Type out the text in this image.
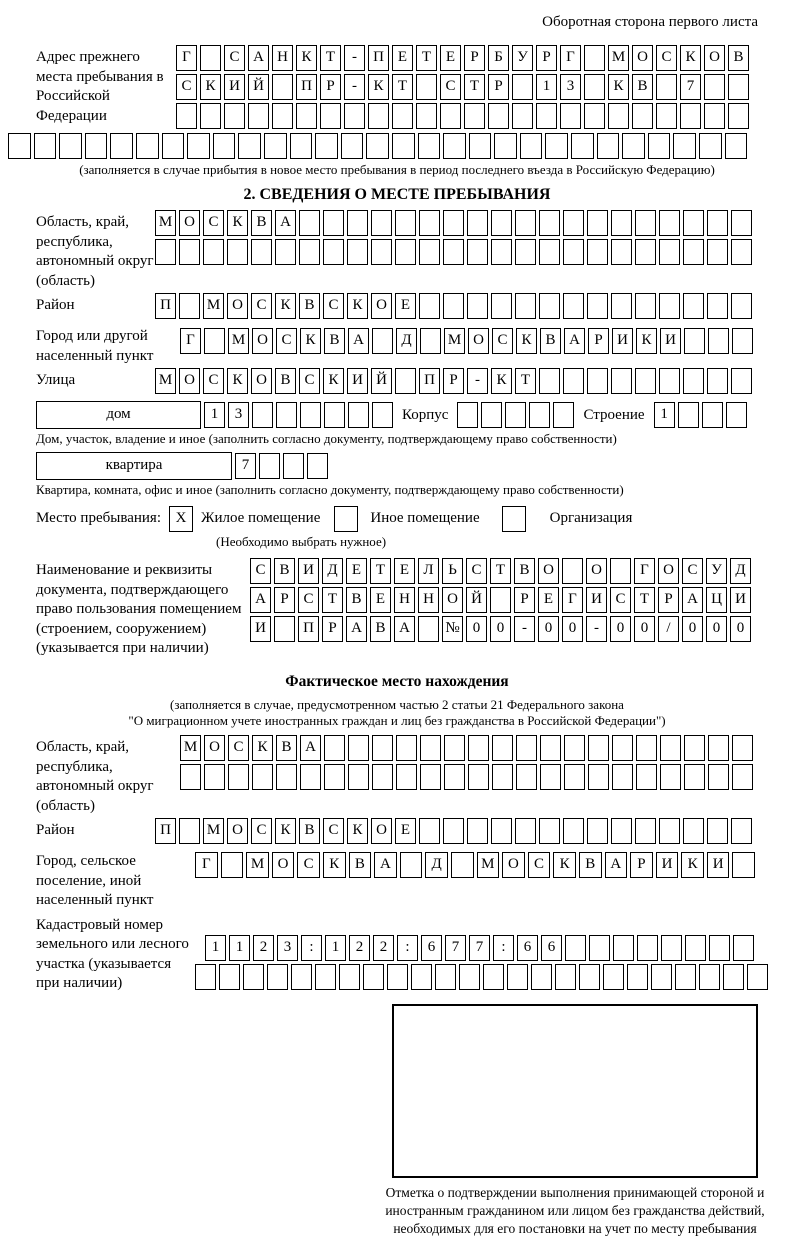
Оборотная сторона первого листа
Адрес прежнего места пребывания в Российской Федерации
Г	С А Н К Т	-	П Е Т Е	Р	Б У Р	Г	М О С К О В
С К И Й	П Р	-	К Т	С Т	Р	1	3	К В	7
(заполняется в случае прибытия в новое место пребывания в период последнего въезда в Российскую Федерацию)
2. СВЕДЕНИЯ О МЕСТЕ ПРЕБЫВАНИЯ
Область, край, республика, автономный округ (область)
М О С К В А
Район	П	М О С К В С К О Е
Город или другой населенный пункт
Г	М О С К В А	Д	М О С К В А Р И К И
Улица	М О С К О В С К И Й	П Р	-	К Т
дом	1	3	Корпус	Строение	1
Дом, участок, владение и иное (заполнить согласно документу, подтверждающему право собственности)
квартира	7
Квартира, комната, офис и иное (заполнить согласно документу, подтверждающему право собственности)
Место пребывания: X Жилое помещение	Иное помещение	Организация
(Необходимо выбрать нужное)
Наименование и реквизиты документа, подтверждающего право пользования помещением (строением, сооружением) (указывается при наличии)
С В И Д Е Т Е Л Ь С Т В О	О	Г О С У Д
А Р С Т В Е Н Н О Й	Р	Е	Г И С Т	Р А Ц И
И	П Р А В А	№ 0	0	-	0	0	-	0	0	/	0	0	0
Фактическое место нахождения
(заполняется в случае, предусмотренном частью 2 статьи 21 Федерального закона
"О миграционном учете иностранных граждан и лиц без гражданства в Российской Федерации")
Область, край, республика, автономный округ (область)
М О С К В А
Район	П	М О С К В С К О Е
Город, сельское поселение, иной населенный пункт
Г	М О	С	К	В	А	Д	М О	С	К	В	А	Р	И	К	И
Кадастровый номер земельного или лесного участка (указывается при наличии)
1	1	2	3	:	1	2	2	:	6	7	7	:	6	6
Отметка о подтверждении выполнения принимающей стороной и иностранным гражданином или лицом без гражданства действий, необходимых для его постановки на учет по месту пребывания
